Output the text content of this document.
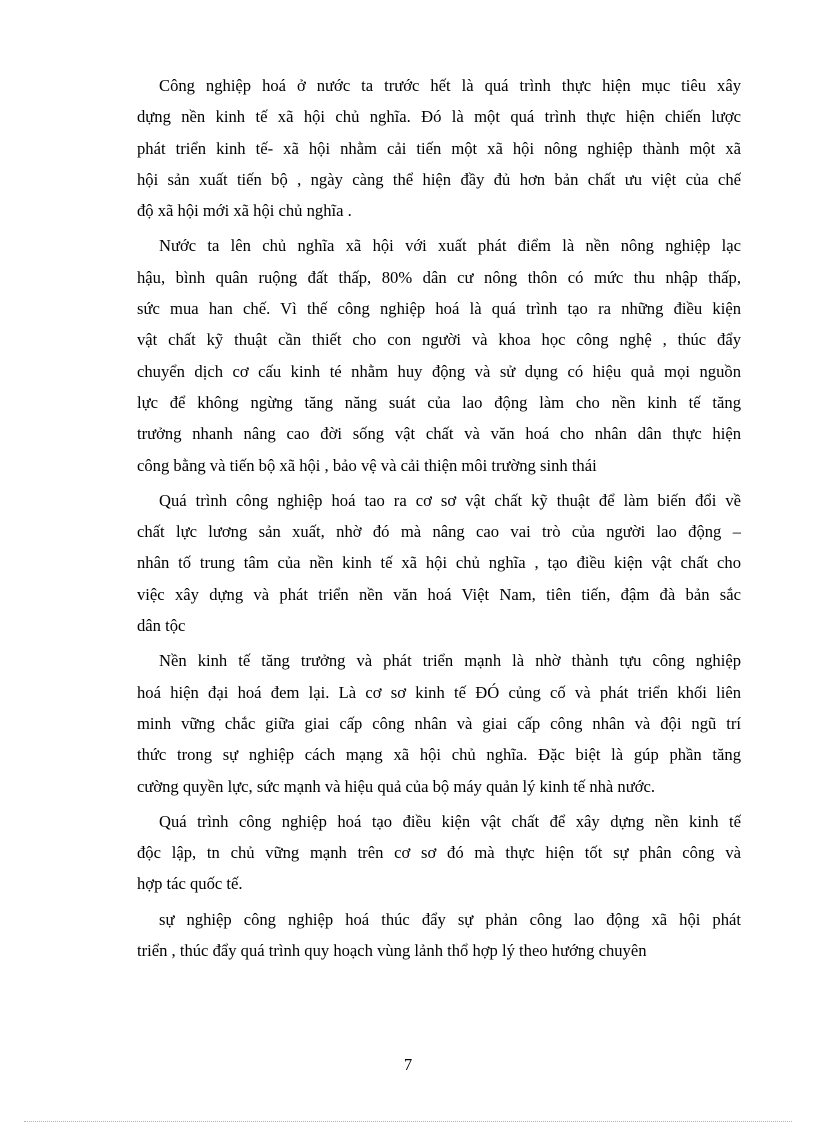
Công nghiệp hoá ở nước ta trước hết là quá trình thực hiện mục tiêu xây
dựng nền kinh tế xã hội chủ nghĩa. Đó là một quá trình thực hiện chiến lược
phát triển kinh tế- xã hội nhằm cải tiến một xã hội nông nghiệp thành một xã
hội sản xuất tiến bộ , ngày càng thể hiện đầy đủ hơn bản chất ưu việt của chế
độ xã hội mới xã hội chủ nghĩa .
Nước ta lên chủ nghĩa xã hội với xuất phát điểm là nền nông nghiệp lạc
hậu, bình quân ruộng đất thấp, 80% dân cư nông thôn có mức thu nhập thấp,
sức mua han chế. Vì thế công nghiệp hoá là quá trình tạo ra những điều kiện
vật chất kỹ thuật cần thiết cho con người và khoa học công nghệ , thúc đẩy
chuyển dịch cơ cấu kinh té nhằm huy động và sử dụng có hiệu quả mọi nguồn
lực để không ngừng tăng năng suát của lao động làm cho nền kinh tế tăng
trưởng nhanh nâng cao đời sống vật chất và văn hoá cho nhân dân thực hiện
công bằng và tiến bộ xã hội , bảo vệ và cải thiện môi trường sinh thái
Quá trình công nghiệp hoá tao ra cơ sơ vật chất kỹ thuật để làm biến đổi về
chất lực lương sản xuất, nhờ đó mà nâng cao vai trò của người lao động –
nhân tố trung tâm của nền kinh tế xã hội chủ nghĩa , tạo điều kiện vật chất cho
việc xây dựng và phát triển nền văn hoá Việt Nam, tiên tiến, đậm đà bản sắc
dân tộc
Nền kinh tế tăng trưởng và phát triển mạnh là nhờ thành tựu công nghiệp
hoá hiện đại hoá đem lại. Là cơ sơ kinh tế ĐÓ củng cố và phát triển khối liên
minh vững chắc giữa giai cấp công nhân và giai cấp công nhân và đội ngũ trí
thức trong sự nghiệp cách mạng xã hội chủ nghĩa. Đặc biệt là gúp phần tăng
cường quyền lực, sức mạnh và hiệu quả của bộ máy quản lý kinh tế nhà nước.
Quá trình công nghiệp hoá tạo điều kiện vật chất để xây dựng nền kinh tế
độc lập, tn chủ vững mạnh trên cơ sơ đó mà thực hiện tốt sự phân công và
hợp tác quốc tế.
sự nghiệp công nghiệp hoá thúc đẩy sự phản công lao động xã hội phát
triển , thúc đẩy quá trình quy hoạch vùng lảnh thổ hợp lý theo hướng chuyên
7
